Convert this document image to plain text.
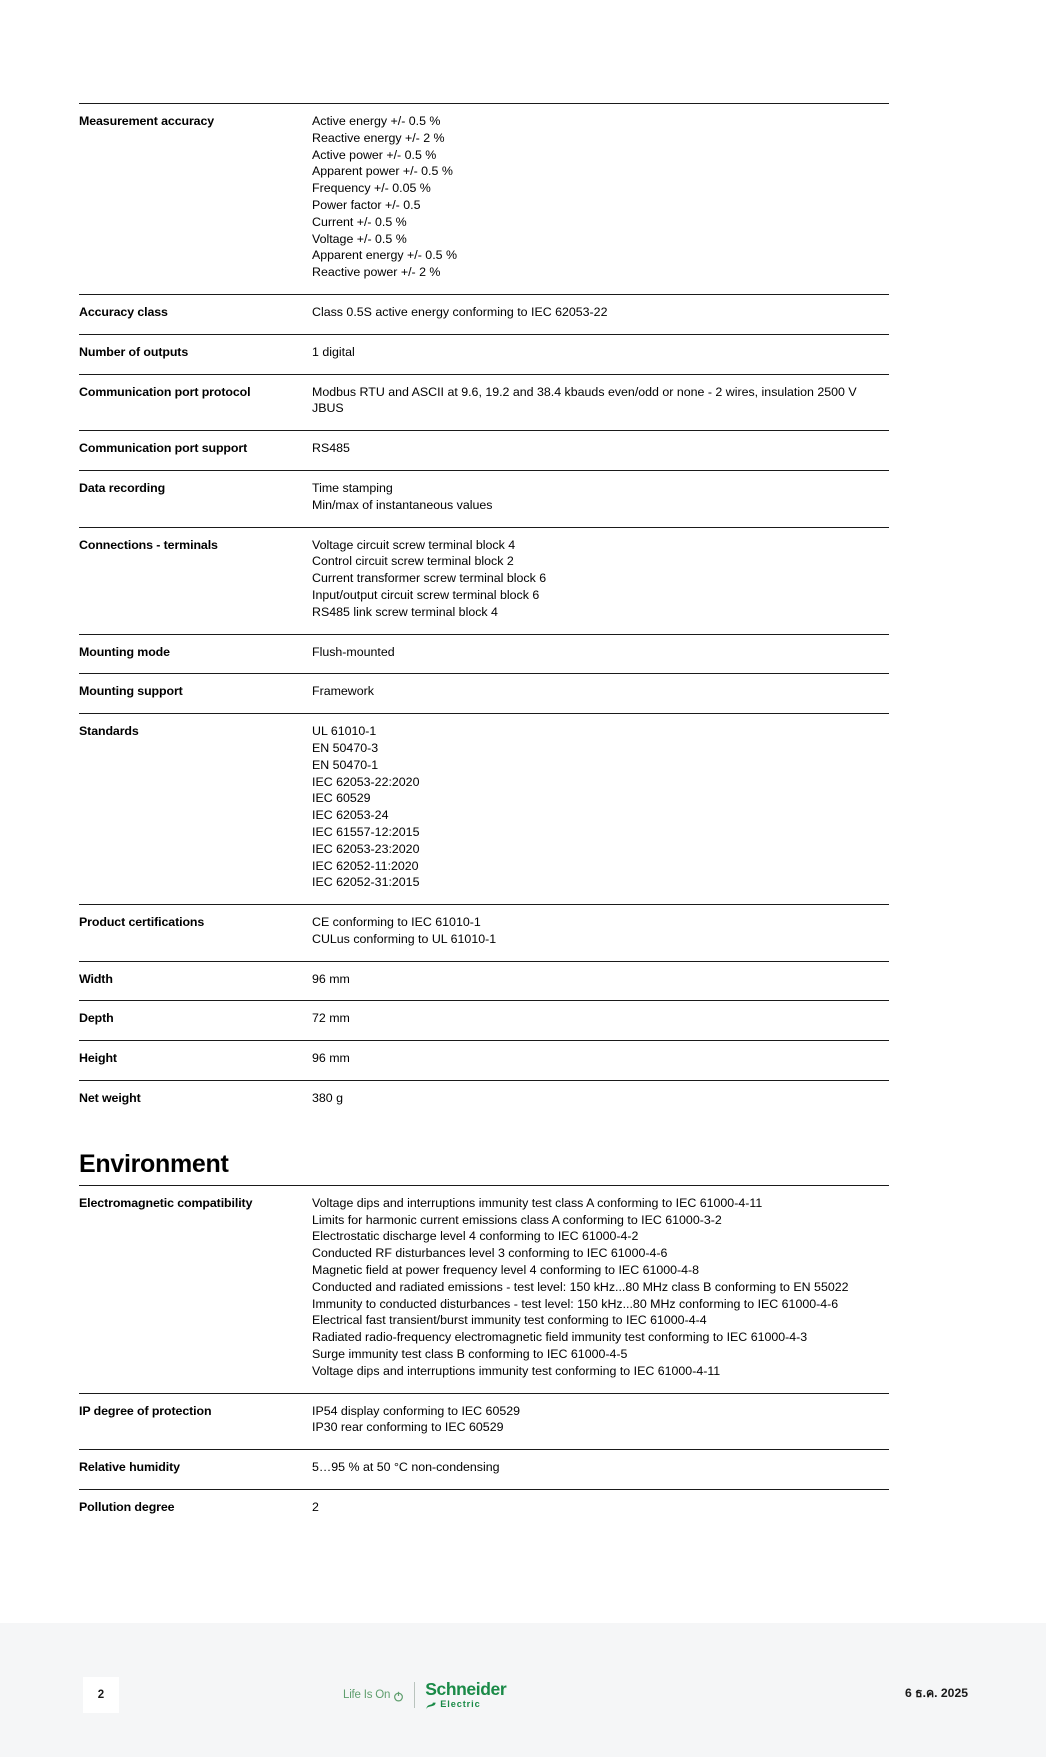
Measurement accuracy	Active energy +/- 0.5 %
Reactive energy +/- 2 %
Active power +/- 0.5 %
Apparent power +/- 0.5 %
Frequency +/- 0.05 %
Power factor +/- 0.5
Current +/- 0.5 %
Voltage +/- 0.5 %
Apparent energy +/- 0.5 %
Reactive power +/- 2 %

Accuracy class	Class 0.5S active energy conforming to IEC 62053-22

Number of outputs	1 digital

Communication port protocol	Modbus RTU and ASCII at 9.6, 19.2 and 38.4 kbauds even/odd or none - 2 wires, insulation 2500 V
JBUS

Communication port support	RS485

Data recording	Time stamping
Min/max of instantaneous values

Connections - terminals	Voltage circuit screw terminal block 4
Control circuit screw terminal block 2
Current transformer screw terminal block 6
Input/output circuit screw terminal block 6
RS485 link screw terminal block 4

Mounting mode	Flush-mounted

Mounting support	Framework

Standards	UL 61010-1
EN 50470-3
EN 50470-1
IEC 62053-22:2020
IEC 60529
IEC 62053-24
IEC 61557-12:2015
IEC 62053-23:2020
IEC 62052-11:2020
IEC 62052-31:2015

Product certifications	CE conforming to IEC 61010-1
CULus conforming to UL 61010-1

Width	96 mm

Depth	72 mm

Height	96 mm

Net weight	380 g
Environment
Electromagnetic compatibility	Voltage dips and interruptions immunity test class A conforming to IEC 61000-4-11
Limits for harmonic current emissions class A conforming to IEC 61000-3-2
Electrostatic discharge level 4 conforming to IEC 61000-4-2
Conducted RF disturbances level 3 conforming to IEC 61000-4-6
Magnetic field at power frequency level 4 conforming to IEC 61000-4-8
Conducted and radiated emissions - test level: 150 kHz...80 MHz class B conforming to EN 55022
Immunity to conducted disturbances - test level: 150 kHz...80 MHz conforming to IEC 61000-4-6
Electrical fast transient/burst immunity test conforming to IEC 61000-4-4
Radiated radio-frequency electromagnetic field immunity test conforming to IEC 61000-4-3
Surge immunity test class B conforming to IEC 61000-4-5
Voltage dips and interruptions immunity test conforming to IEC 61000-4-11

IP degree of protection	IP54 display conforming to IEC 60529
IP30 rear conforming to IEC 60529

Relative humidity	5…95 % at 50 °C non-condensing

Pollution degree	2
2	Life Is On Schneider
Electric
6 ธ.ค. 2025
